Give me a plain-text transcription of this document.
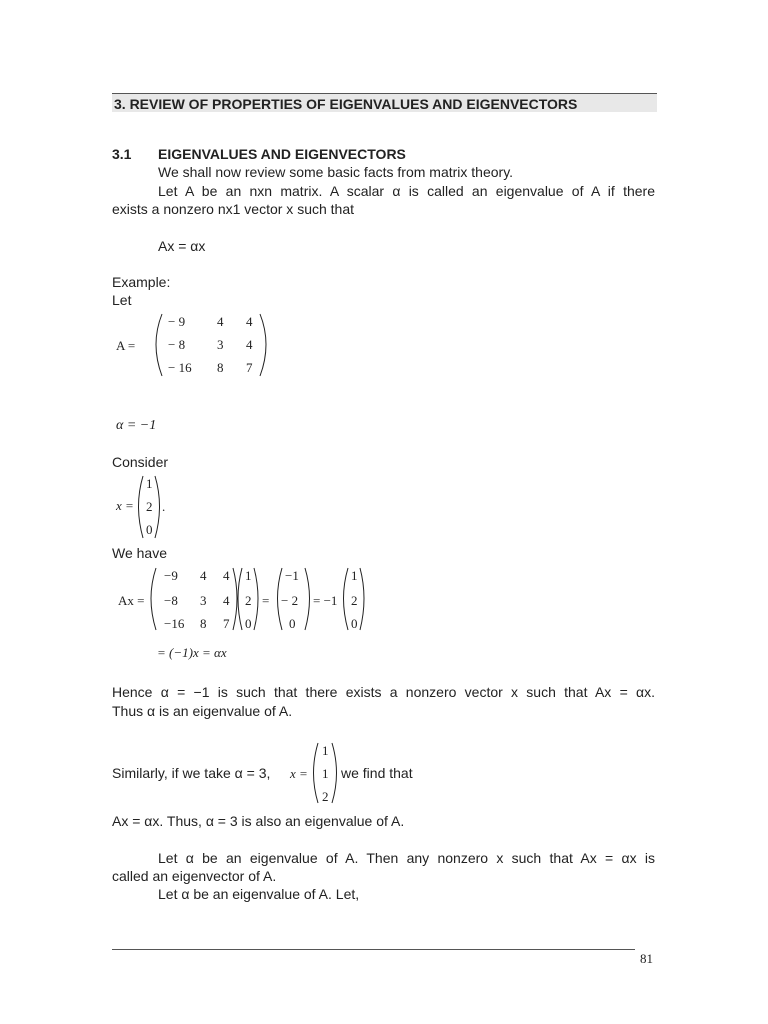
3. REVIEW OF PROPERTIES OF EIGENVALUES AND EIGENVECTORS
3.1 EIGENVALUES AND EIGENVECTORS
We shall now review some basic facts from matrix theory.
Let A be an nxn matrix. A scalar α is called an eigenvalue of A if there
exists a nonzero nx1 vector x such that
Ax = αx
Example:
Let
A =
− 9 4 4
− 8 3 4
− 16 8 7
α = −1
Consider
x =
1
2
0
.
We have
Ax =
−9 4 4
−8 3 4
−16 8 7
1
2
0
=
−1
− 2
0
= −1
1
2
0
= (−1)x = αx
Hence α = −1 is such that there exists a nonzero vector x such that Ax = αx.
Thus α is an eigenvalue of A.
Similarly, if we take α = 3, x =
1
1
2
we find that
Ax = αx. Thus, α = 3 is also an eigenvalue of A.
Let α be an eigenvalue of A. Then any nonzero x such that Ax = αx is
called an eigenvector of A.
Let α be an eigenvalue of A. Let,
81
